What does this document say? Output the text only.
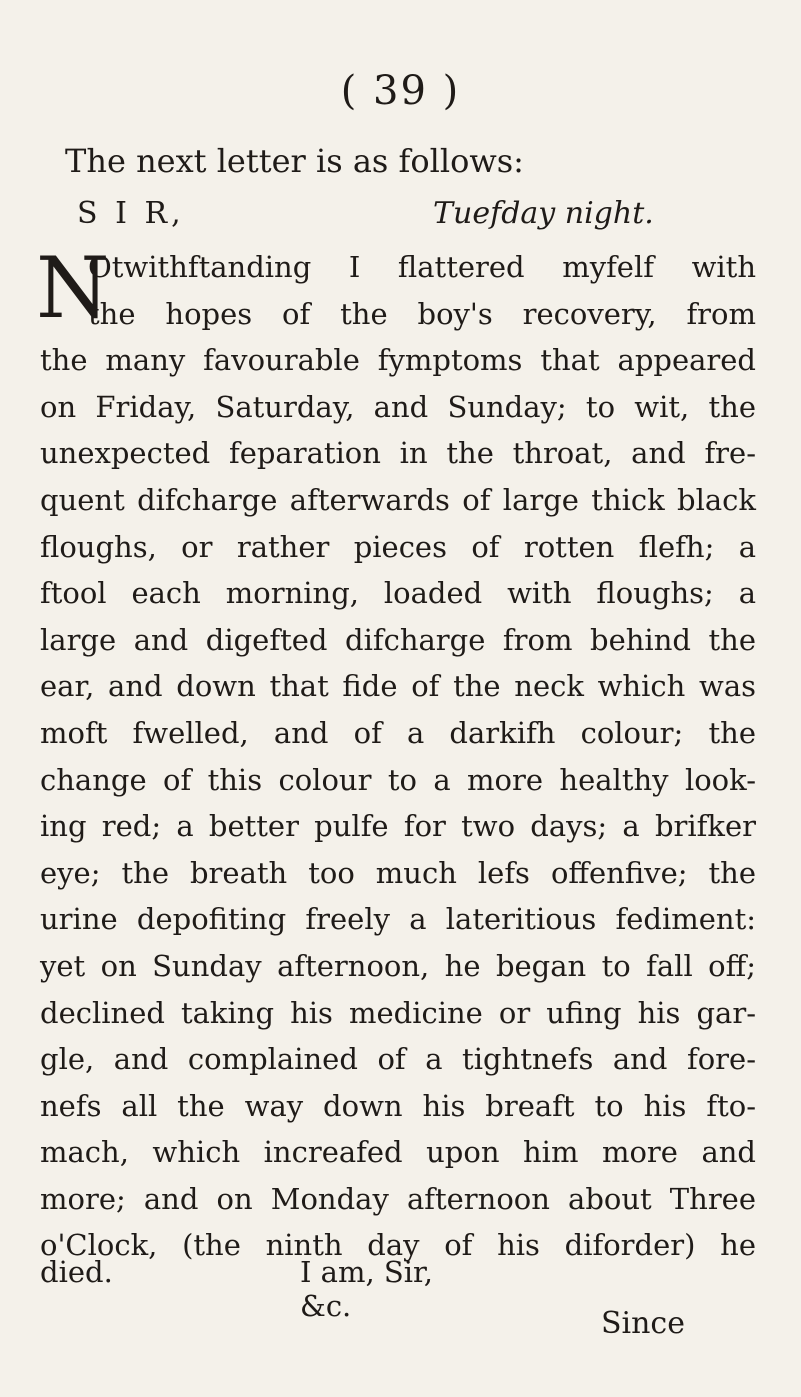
( 39 )
The next letter is as follows:
S I R,	Tuefday night.
N
Otwithftanding I flattered myfelf with
the hopes of the boy's recovery, from
the many favourable fymptoms that appeared
on Friday, Saturday, and Sunday; to wit, the
unexpected feparation in the throat, and fre-
quent difcharge afterwards of large thick black
floughs, or rather pieces of rotten flefh; a
ftool each morning, loaded with floughs; a
large and digefted difcharge from behind the
ear, and down that fide of the neck which was
moft fwelled, and of a darkifh colour; the
change of this colour to a more healthy look-
ing red; a better pulfe for two days; a brifker
eye; the breath too much lefs offenfive; the
urine depofiting freely a lateritious fediment:
yet on Sunday afternoon, he began to fall off;
declined taking his medicine or ufing his gar-
gle, and complained of a tightnefs and fore-
nefs all the way down his breaft to his fto-
mach, which increafed upon him more and
more; and on Monday afternoon about Three
o'Clock, (the ninth day of his diforder) he
died.	I am, Sir, &c.	Since
